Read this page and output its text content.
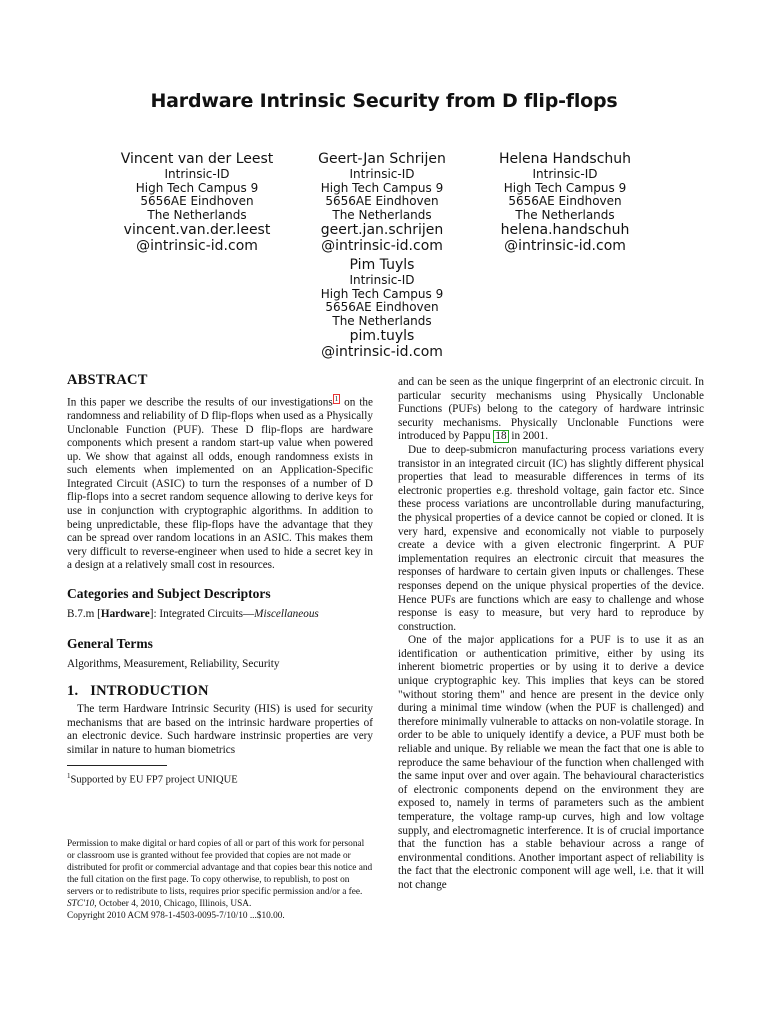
Hardware Intrinsic Security from D flip-flops
Vincent van der Leest
Intrinsic-ID
High Tech Campus 9
5656AE Eindhoven
The Netherlands
vincent.van.der.leest
@intrinsic-id.com
Geert-Jan Schrijen
Intrinsic-ID
High Tech Campus 9
5656AE Eindhoven
The Netherlands
geert.jan.schrijen
@intrinsic-id.com
Helena Handschuh
Intrinsic-ID
High Tech Campus 9
5656AE Eindhoven
The Netherlands
helena.handschuh
@intrinsic-id.com
Pim Tuyls
Intrinsic-ID
High Tech Campus 9
5656AE Eindhoven
The Netherlands
pim.tuyls
@intrinsic-id.com
ABSTRACT

In this paper we describe the results of our investigations 1 on the randomness and reliability of D flip-flops when used as a Physically Unclonable Function (PUF). These D flip-flops are hardware components which present a random start-up value when powered up. We show that against all odds, enough randomness exists in such elements when implemented on an Application-Specific Integrated Circuit (ASIC) to turn the responses of a number of D flip-flops into a secret random sequence allowing to derive keys for use in conjunction with cryptographic algorithms. In addition to being unpredictable, these flip-flops have the advantage that they can be spread over random locations in an ASIC. This makes them very difficult to reverse-engineer when used to hide a secret key in a design at a relatively small cost in resources.

Categories and Subject Descriptors

B.7.m [Hardware]: Integrated Circuits—Miscellaneous

General Terms

Algorithms, Measurement, Reliability, Security

1. INTRODUCTION

The term Hardware Intrinsic Security (HIS) is used for security mechanisms that are based on the intrinsic hardware properties of an electronic device. Such hardware instrinsic properties are very similar in nature to human biometrics

$^1$Supported by EU FP7 project UNIQUE

Permission to make digital or hard copies of all or part of this work for personal or classroom use is granted without fee provided that copies are not made or distributed for profit or commercial advantage and that copies bear this notice and the full citation on the first page. To copy otherwise, to republish, to post on servers or to redistribute to lists, requires prior specific permission and/or a fee.

STC'10, October 4, 2010, Chicago, Illinois, USA.

Copyright 2010 ACM 978-1-4503-0095-7/10/10 ...$10.00.

and can be seen as the unique fingerprint of an electronic circuit. In particular security mechanisms using Physically Unclonable Functions (PUFs) belong to the category of hardware intrinsic security mechanisms. Physically Unclonable Functions were introduced by Pappu 18 in 2001.

Due to deep-submicron manufacturing process variations every transistor in an integrated circuit (IC) has slightly different physical properties that lead to measurable differences in terms of its electronic properties e.g. threshold voltage, gain factor etc. Since these process variations are uncontrollable during manufacturing, the physical properties of a device cannot be copied or cloned. It is very hard, expensive and economically not viable to purposely create a device with a given electronic fingerprint. A PUF implementation requires an electronic circuit that measures the responses of hardware to certain given inputs or challenges. These responses depend on the unique physical properties of the device. Hence PUFs are functions which are easy to challenge and whose response is easy to measure, but very hard to reproduce by construction.

One of the major applications for a PUF is to use it as an identification or authentication primitive, either by using its inherent biometric properties or by using it to derive a device unique cryptographic key. This implies that keys can be stored "without storing them" and hence are present in the device only during a minimal time window (when the PUF is challenged) and therefore minimally vulnerable to attacks on non-volatile storage. In order to be able to uniquely identify a device, a PUF must both be reliable and unique. By reliable we mean the fact that one is able to reproduce the same behaviour of the function when challenged with the same input over and over again. The behavioural characteristics of electronic components depend on the environment they are exposed to, namely in terms of parameters such as the ambient temperature, the voltage ramp-up curves, high and low voltage supply, and electromagnetic interference. It is of crucial importance that the function has a stable behaviour across a range of environmental conditions. Another important aspect of reliability is the fact that the electronic component will age well, i.e. that it will not change
